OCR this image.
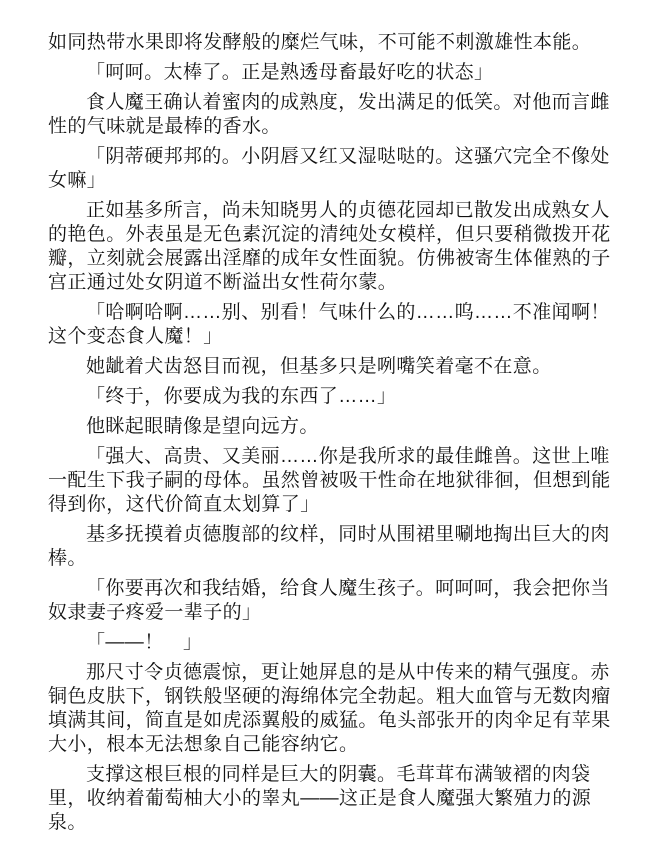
如同热带水果即将发酵般的糜烂气味，不可能不刺激雄性本能。

「呵呵。太棒了。正是熟透母畜最好吃的状态」

食人魔王确认着蜜肉的成熟度，发出满足的低笑。对他而言雌性的气味就是最棒的香水。

「阴蒂硬邦邦的。小阴唇又红又湿哒哒的。这骚穴完全不像处女嘛」

正如基多所言，尚未知晓男人的贞德花园却已散发出成熟女人的艳色。外表虽是无色素沉淀的清纯处女模样，但只要稍微拨开花瓣，立刻就会展露出淫靡的成年女性面貌。仿佛被寄生体催熟的子宫正通过处女阴道不断溢出女性荷尔蒙。

「哈啊哈啊……别、别看！气味什么的……呜……不准闻啊！这个变态食人魔！」

她龇着犬齿怒目而视，但基多只是咧嘴笑着毫不在意。

「终于，你要成为我的东西了……」

他眯起眼睛像是望向远方。

「强大、高贵、又美丽……你是我所求的最佳雌兽。这世上唯一配生下我子嗣的母体。虽然曾被吸干性命在地狱徘徊，但想到能得到你，这代价简直太划算了」

基多抚摸着贞德腹部的纹样，同时从围裙里唰地掏出巨大的肉棒。

「你要再次和我结婚，给食人魔生孩子。呵呵呵，我会把你当奴隶妻子疼爱一辈子的」

「——！　」

那尺寸令贞德震惊，更让她屏息的是从中传来的精气强度。赤铜色皮肤下，钢铁般坚硬的海绵体完全勃起。粗大血管与无数肉瘤填满其间，简直是如虎添翼般的威猛。龟头部张开的肉伞足有苹果大小，根本无法想象自己能容纳它。

支撑这根巨根的同样是巨大的阴囊。毛茸茸布满皱褶的肉袋里，收纳着葡萄柚大小的睾丸——这正是食人魔强大繁殖力的源泉。
